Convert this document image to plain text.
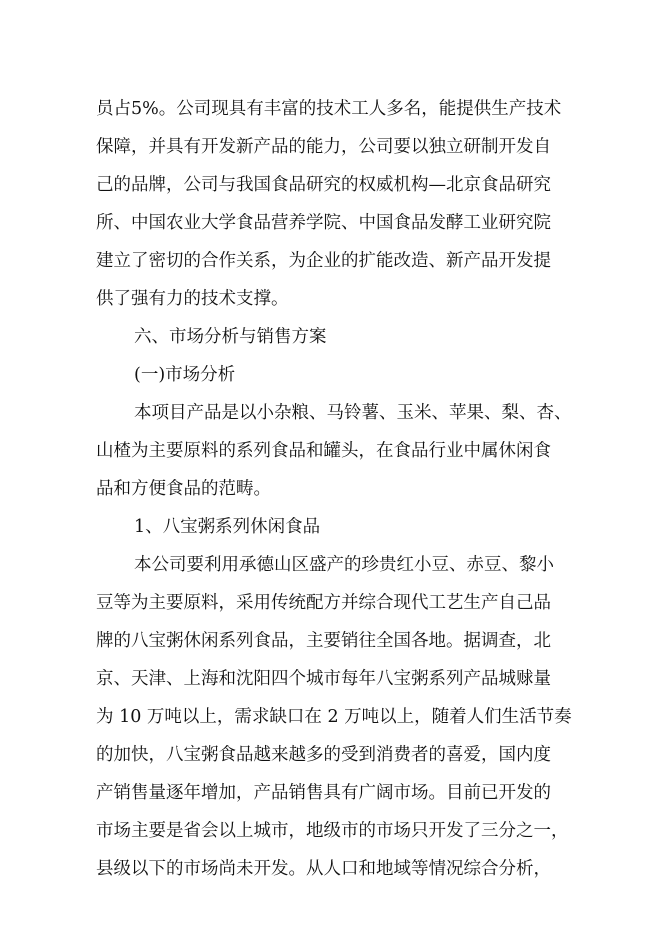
员占5%。公司现具有丰富的技术工人多名，能提供生产技术
保障，并具有开发新产品的能力，公司要以独立研制开发自
己的品牌，公司与我国食品研究的权威机构—北京食品研究
所、中国农业大学食品营养学院、中国食品发酵工业研究院
建立了密切的合作关系，为企业的扩能改造、新产品开发提
供了强有力的技术支撑。
六、市场分析与销售方案
(一)市场分析
本项目产品是以小杂粮、马铃薯、玉米、苹果、梨、杏、
山楂为主要原料的系列食品和罐头，在食品行业中属休闲食
品和方便食品的范畴。
1、八宝粥系列休闲食品
本公司要利用承德山区盛产的珍贵红小豆、赤豆、黎小
豆等为主要原料，采用传统配方并综合现代工艺生产自己品
牌的八宝粥休闲系列食品，主要销往全国各地。据调查，北
京、天津、上海和沈阳四个城市每年八宝粥系列产品城赇量
为 10 万吨以上，需求缺口在 2 万吨以上，随着人们生活节奏
的加快，八宝粥食品越来越多的受到消费者的喜爱，国内度
产销售量逐年增加，产品销售具有广阔市场。目前已开发的
市场主要是省会以上城市，地级市的市场只开发了三分之一，
县级以下的市场尚未开发。从人口和地域等情况综合分析，
